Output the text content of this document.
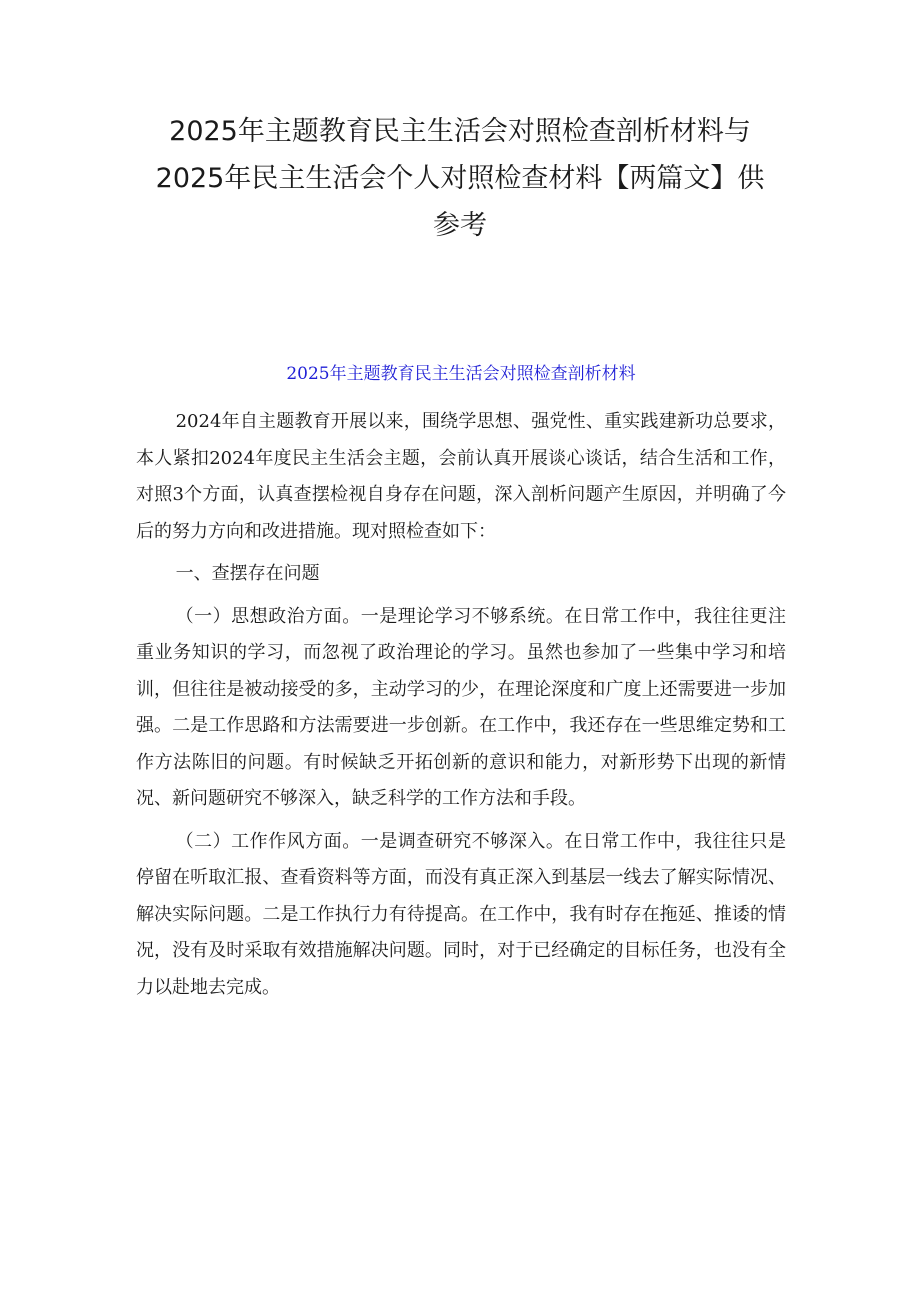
2025年主题教育民主生活会对照检查剖析材料与2025年民主生活会个人对照检查材料【两篇文】供参考
2025年主题教育民主生活会对照检查剖析材料

2024年自主题教育开展以来，围绕学思想、强党性、重实践建新功总要求，本人紧扣2024年度民主生活会主题，会前认真开展谈心谈话，结合生活和工作，对照3个方面，认真查摆检视自身存在问题，深入剖析问题产生原因，并明确了今后的努力方向和改进措施。现对照检查如下：

一、查摆存在问题

（一）思想政治方面。一是理论学习不够系统。在日常工作中，我往往更注重业务知识的学习，而忽视了政治理论的学习。虽然也参加了一些集中学习和培训，但往往是被动接受的多，主动学习的少，在理论深度和广度上还需要进一步加强。二是工作思路和方法需要进一步创新。在工作中，我还存在一些思维定势和工作方法陈旧的问题。有时候缺乏开拓创新的意识和能力，对新形势下出现的新情况、新问题研究不够深入，缺乏科学的工作方法和手段。

（二）工作作风方面。一是调查研究不够深入。在日常工作中，我往往只是停留在听取汇报、查看资料等方面，而没有真正深入到基层一线去了解实际情况、解决实际问题。二是工作执行力有待提高。在工作中，我有时存在拖延、推诿的情况，没有及时采取有效措施解决问题。同时，对于已经确定的目标任务，也没有全力以赴地去完成。
